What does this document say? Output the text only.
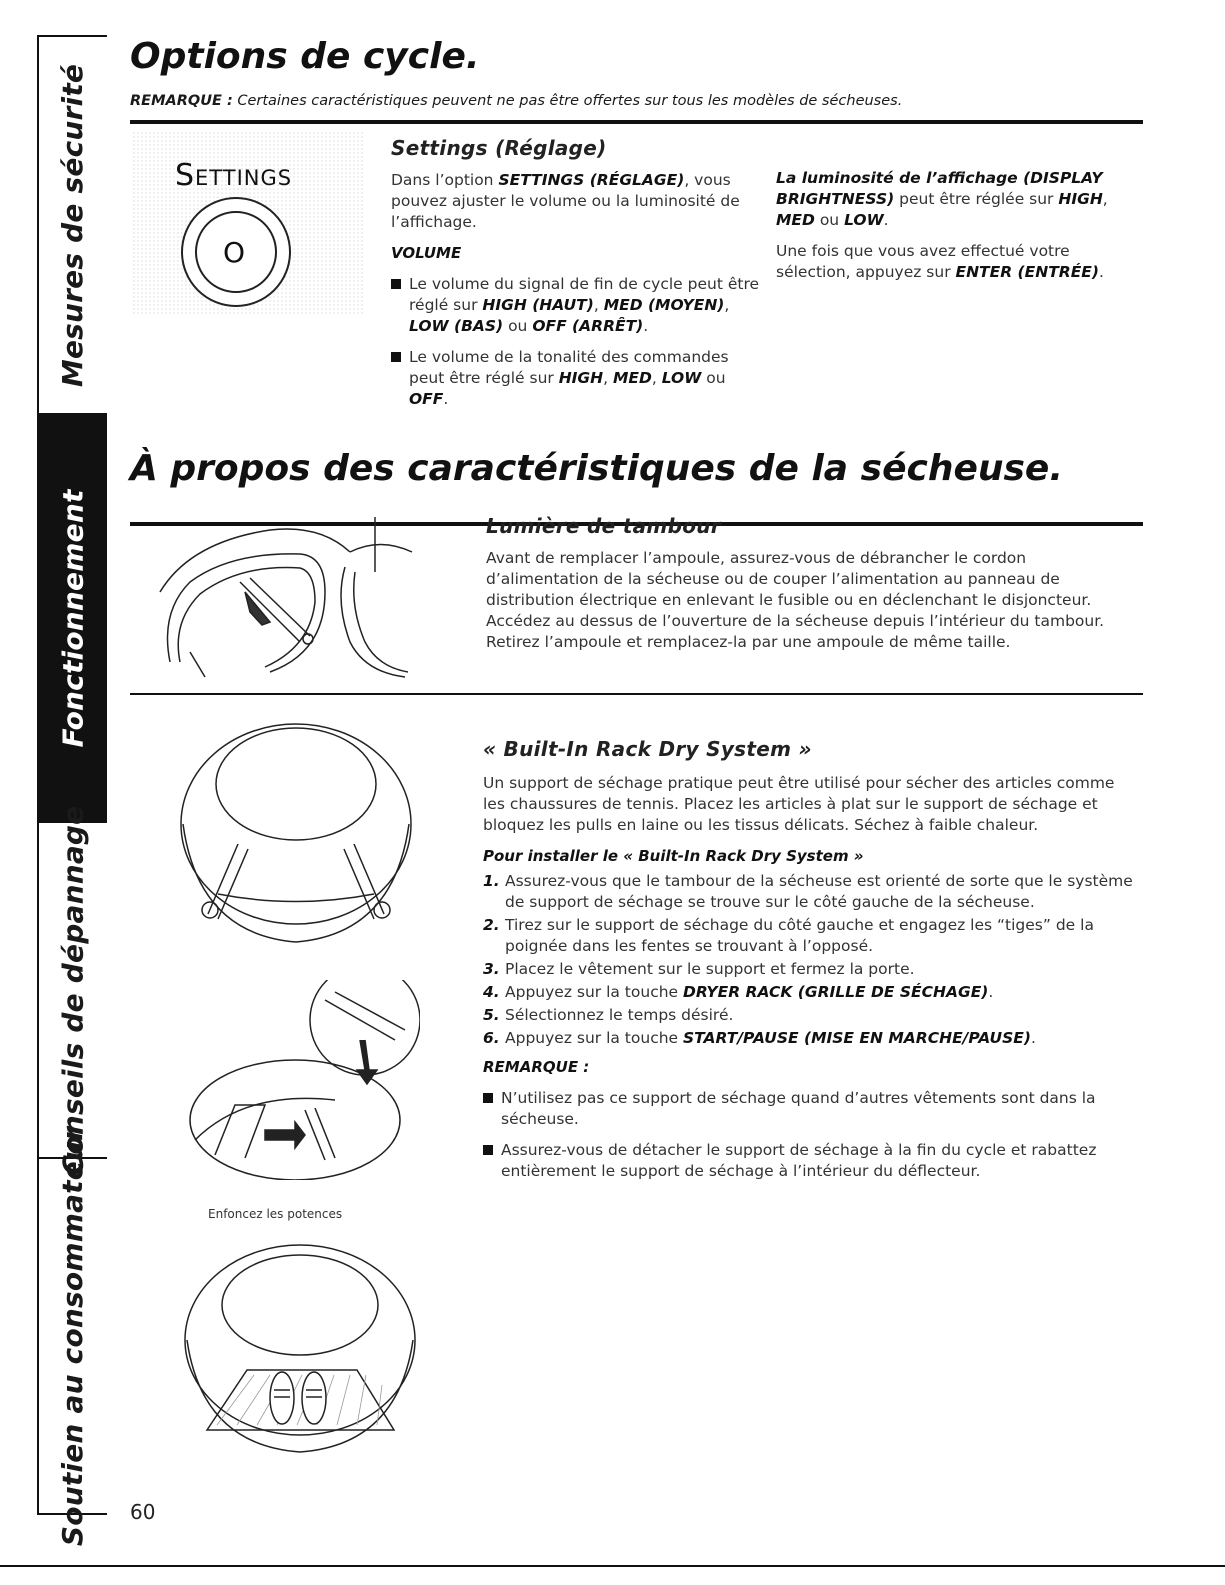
Mesures de sécurité
Fonctionnement
Conseils de dépannage
Soutien au consommateur
Options de cycle.
REMARQUE : Certaines caractéristiques peuvent ne pas être offertes sur tous les modèles de sécheuses.
Settings
O
Settings (Réglage)

Dans l’option SETTINGS (RÉGLAGE), vous pouvez ajuster le volume ou la luminosité de l’affichage.

VOLUME

Le volume du signal de fin de cycle peut être réglé sur HIGH (HAUT), MED (MOYEN), LOW (BAS) ou OFF (ARRÊT).
Le volume de la tonalité des commandes peut être réglé sur HIGH, MED, LOW ou OFF.

La luminosité de l’affichage (DISPLAY BRIGHTNESS) peut être réglée sur HIGH, MED ou LOW.

Une fois que vous avez effectué votre sélection, appuyez sur ENTER (ENTRÉE).

À propos des caractéristiques de la sécheuse.
Lumière de tambour

Avant de remplacer l’ampoule, assurez-vous de débrancher le cordon d’alimentation de la sécheuse ou de couper l’alimentation au panneau de distribution électrique en enlevant le fusible ou en déclenchant le disjoncteur. Accédez au dessus de l’ouverture de la sécheuse depuis l’intérieur du tambour. Retirez l’ampoule et remplacez-la par une ampoule de même taille.

Enfoncez les potences
« Built-In Rack Dry System »

Un support de séchage pratique peut être utilisé pour sécher des articles comme les chaussures de tennis. Placez les articles à plat sur le support de séchage et bloquez les pulls en laine ou les tissus délicats. Séchez à faible chaleur.

Pour installer le « Built-In Rack Dry System »

1. Assurez-vous que le tambour de la sécheuse est orienté de sorte que le système de support de séchage se trouve sur le côté gauche de la sécheuse.
2. Tirez sur le support de séchage du côté gauche et engagez les “tiges” de la poignée dans les fentes se trouvant à l’opposé.
3. Placez le vêtement sur le support et fermez la porte.
4. Appuyez sur la touche DRYER RACK (GRILLE DE SÉCHAGE).
5. Sélectionnez le temps désiré.
6. Appuyez sur la touche START/PAUSE (MISE EN MARCHE/PAUSE).

REMARQUE :

N’utilisez pas ce support de séchage quand d’autres vêtements sont dans la sécheuse.
Assurez-vous de détacher le support de séchage à la fin du cycle et rabattez entièrement le support de séchage à l’intérieur du déflecteur.
60
